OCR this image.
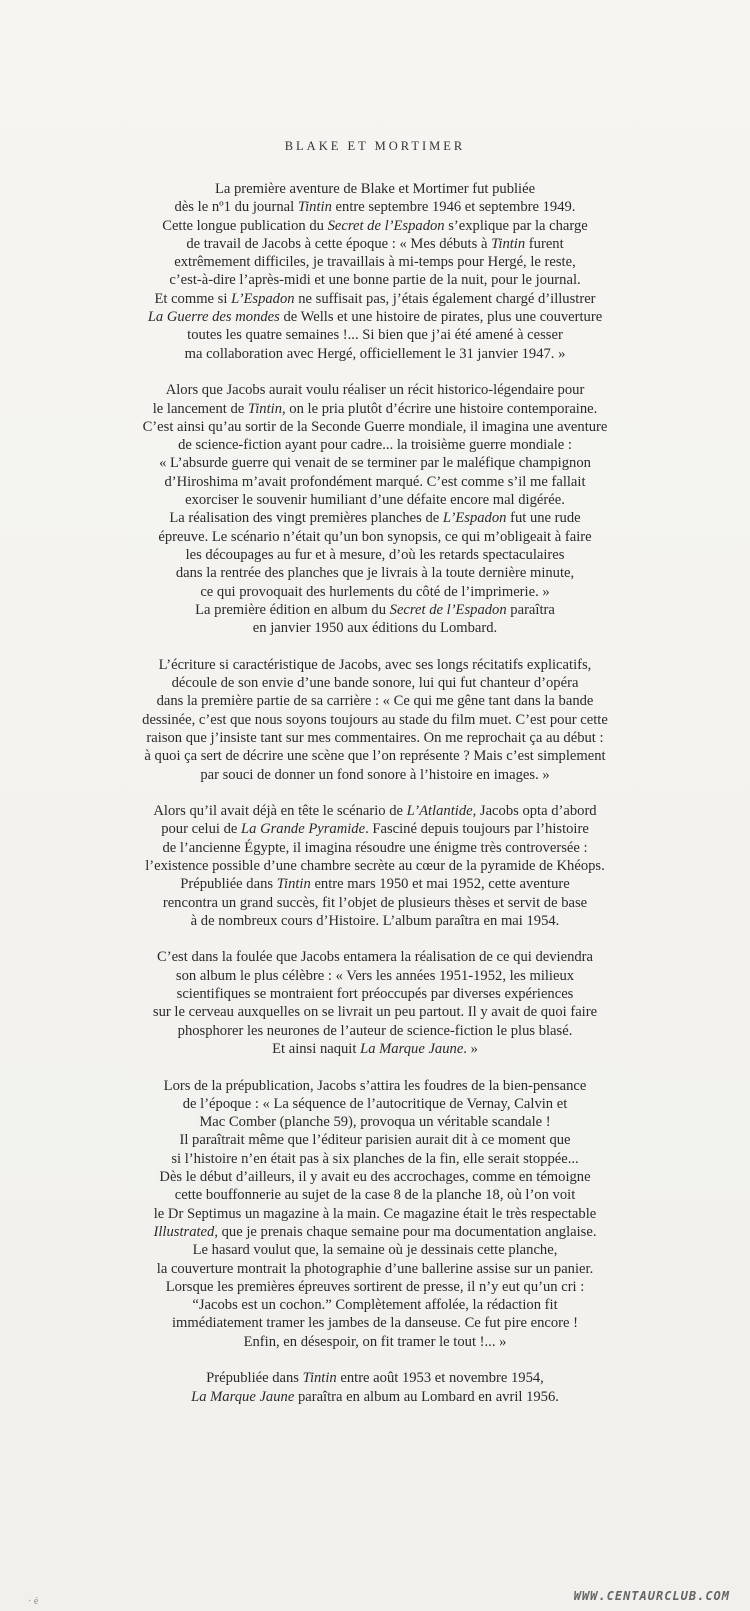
BLAKE ET MORTIMER

La première aventure de Blake et Mortimer fut publiée
dès le nº1 du journal Tintin entre septembre 1946 et septembre 1949.
Cette longue publication du Secret de l’Espadon s’explique par la charge
de travail de Jacobs à cette époque : « Mes débuts à Tintin furent
extrêmement difficiles, je travaillais à mi-temps pour Hergé, le reste,
c’est-à-dire l’après-midi et une bonne partie de la nuit, pour le journal.
Et comme si L’Espadon ne suffisait pas, j’étais également chargé d’illustrer
La Guerre des mondes de Wells et une histoire de pirates, plus une couverture
toutes les quatre semaines !... Si bien que j’ai été amené à cesser
ma collaboration avec Hergé, officiellement le 31 janvier 1947. »

Alors que Jacobs aurait voulu réaliser un récit historico-légendaire pour
le lancement de Tintin, on le pria plutôt d’écrire une histoire contemporaine.
C’est ainsi qu’au sortir de la Seconde Guerre mondiale, il imagina une aventure
de science-fiction ayant pour cadre... la troisième guerre mondiale :
« L’absurde guerre qui venait de se terminer par le maléfique champignon
d’Hiroshima m’avait profondément marqué. C’est comme s’il me fallait
exorciser le souvenir humiliant d’une défaite encore mal digérée.
La réalisation des vingt premières planches de L’Espadon fut une rude
épreuve. Le scénario n’était qu’un bon synopsis, ce qui m’obligeait à faire
les découpages au fur et à mesure, d’où les retards spectaculaires
dans la rentrée des planches que je livrais à la toute dernière minute,
ce qui provoquait des hurlements du côté de l’imprimerie. »
La première édition en album du Secret de l’Espadon paraîtra
en janvier 1950 aux éditions du Lombard.

L’écriture si caractéristique de Jacobs, avec ses longs récitatifs explicatifs,
découle de son envie d’une bande sonore, lui qui fut chanteur d’opéra
dans la première partie de sa carrière : « Ce qui me gêne tant dans la bande
dessinée, c’est que nous soyons toujours au stade du film muet. C’est pour cette
raison que j’insiste tant sur mes commentaires. On me reprochait ça au début :
à quoi ça sert de décrire une scène que l’on représente ? Mais c’est simplement
par souci de donner un fond sonore à l’histoire en images. »

Alors qu’il avait déjà en tête le scénario de L’Atlantide, Jacobs opta d’abord
pour celui de La Grande Pyramide. Fasciné depuis toujours par l’histoire
de l’ancienne Égypte, il imagina résoudre une énigme très controversée :
l’existence possible d’une chambre secrète au cœur de la pyramide de Khéops.
Prépubliée dans Tintin entre mars 1950 et mai 1952, cette aventure
rencontra un grand succès, fit l’objet de plusieurs thèses et servit de base
à de nombreux cours d’Histoire. L’album paraîtra en mai 1954.

C’est dans la foulée que Jacobs entamera la réalisation de ce qui deviendra
son album le plus célèbre : « Vers les années 1951-1952, les milieux
scientifiques se montraient fort préoccupés par diverses expériences
sur le cerveau auxquelles on se livrait un peu partout. Il y avait de quoi faire
phosphorer les neurones de l’auteur de science-fiction le plus blasé.
Et ainsi naquit La Marque Jaune. »

Lors de la prépublication, Jacobs s’attira les foudres de la bien-pensance
de l’époque : « La séquence de l’autocritique de Vernay, Calvin et
Mac Comber (planche 59), provoqua un véritable scandale !
Il paraîtrait même que l’éditeur parisien aurait dit à ce moment que
si l’histoire n’en était pas à six planches de la fin, elle serait stoppée...
Dès le début d’ailleurs, il y avait eu des accrochages, comme en témoigne
cette bouffonnerie au sujet de la case 8 de la planche 18, où l’on voit
le Dr Septimus un magazine à la main. Ce magazine était le très respectable
Illustrated, que je prenais chaque semaine pour ma documentation anglaise.
Le hasard voulut que, la semaine où je dessinais cette planche,
la couverture montrait la photographie d’une ballerine assise sur un panier.
Lorsque les premières épreuves sortirent de presse, il n’y eut qu’un cri :
“Jacobs est un cochon.” Complètement affolée, la rédaction fit
immédiatement tramer les jambes de la danseuse. Ce fut pire encore !
Enfin, en désespoir, on fit tramer le tout !... »

Prépubliée dans Tintin entre août 1953 et novembre 1954,
La Marque Jaune paraîtra en album au Lombard en avril 1956.

· é	WWW.CENTAURCLUB.COM
